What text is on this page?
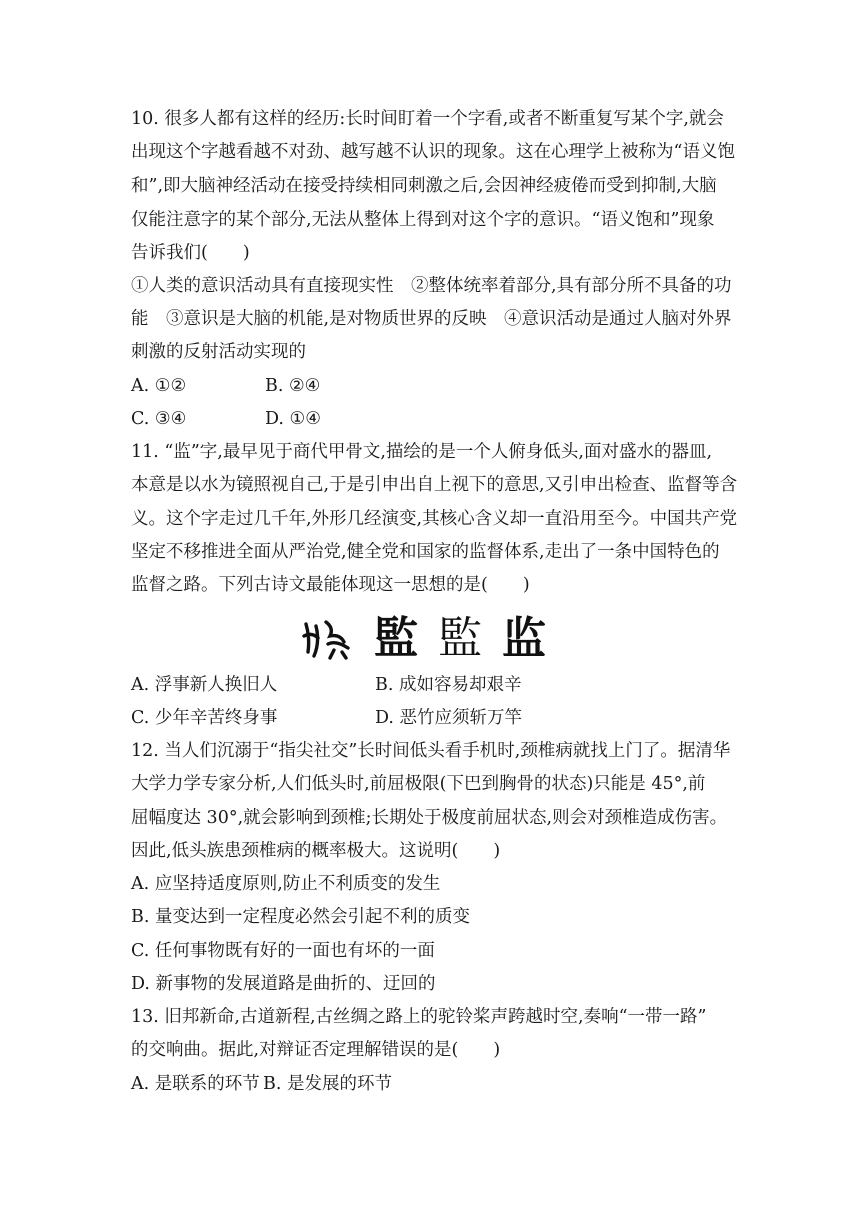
10. 很多人都有这样的经历:长时间盯着一个字看,或者不断重复写某个字,就会
出现这个字越看越不对劲、越写越不认识的现象。这在心理学上被称为“语义饱
和”,即大脑神经活动在接受持续相同刺激之后,会因神经疲倦而受到抑制,大脑
仅能注意字的某个部分,无法从整体上得到对这个字的意识。“语义饱和”现象
告诉我们(　　)
①人类的意识活动具有直接现实性　②整体统率着部分,具有部分所不具备的功
能　③意识是大脑的机能,是对物质世界的反映　④意识活动是通过人脑对外界
刺激的反射活动实现的
A. ①②	B. ②④
C. ③④	D. ①④
11. “监”字,最早见于商代甲骨文,描绘的是一个人俯身低头,面对盛水的器皿,
本意是以水为镜照视自己,于是引申出自上视下的意思,又引申出检查、监督等含
义。这个字走过几千年,外形几经演变,其核心含义却一直沿用至今。中国共产党
坚定不移推进全面从严治党,健全党和国家的监督体系,走出了一条中国特色的
监督之路。下列古诗文最能体现这一思想的是(　　)
監 監 监
A. 浮事新人换旧人	B. 成如容易却艰辛
C. 少年辛苦终身事	D. 恶竹应须斩万竿
12. 当人们沉溺于“指尖社交”长时间低头看手机时,颈椎病就找上门了。据清华
大学力学专家分析,人们低头时,前屈极限(下巴到胸骨的状态)只能是 45°,前
屈幅度达 30°,就会影响到颈椎;长期处于极度前屈状态,则会对颈椎造成伤害。
因此,低头族患颈椎病的概率极大。这说明(　　)
A. 应坚持适度原则,防止不利质变的发生
B. 量变达到一定程度必然会引起不利的质变
C. 任何事物既有好的一面也有坏的一面
D. 新事物的发展道路是曲折的、迂回的
13. 旧邦新命,古道新程,古丝绸之路上的驼铃桨声跨越时空,奏响“一带一路”
的交响曲。据此,对辩证否定理解错误的是(　　)
A. 是联系的环节 B. 是发展的环节
